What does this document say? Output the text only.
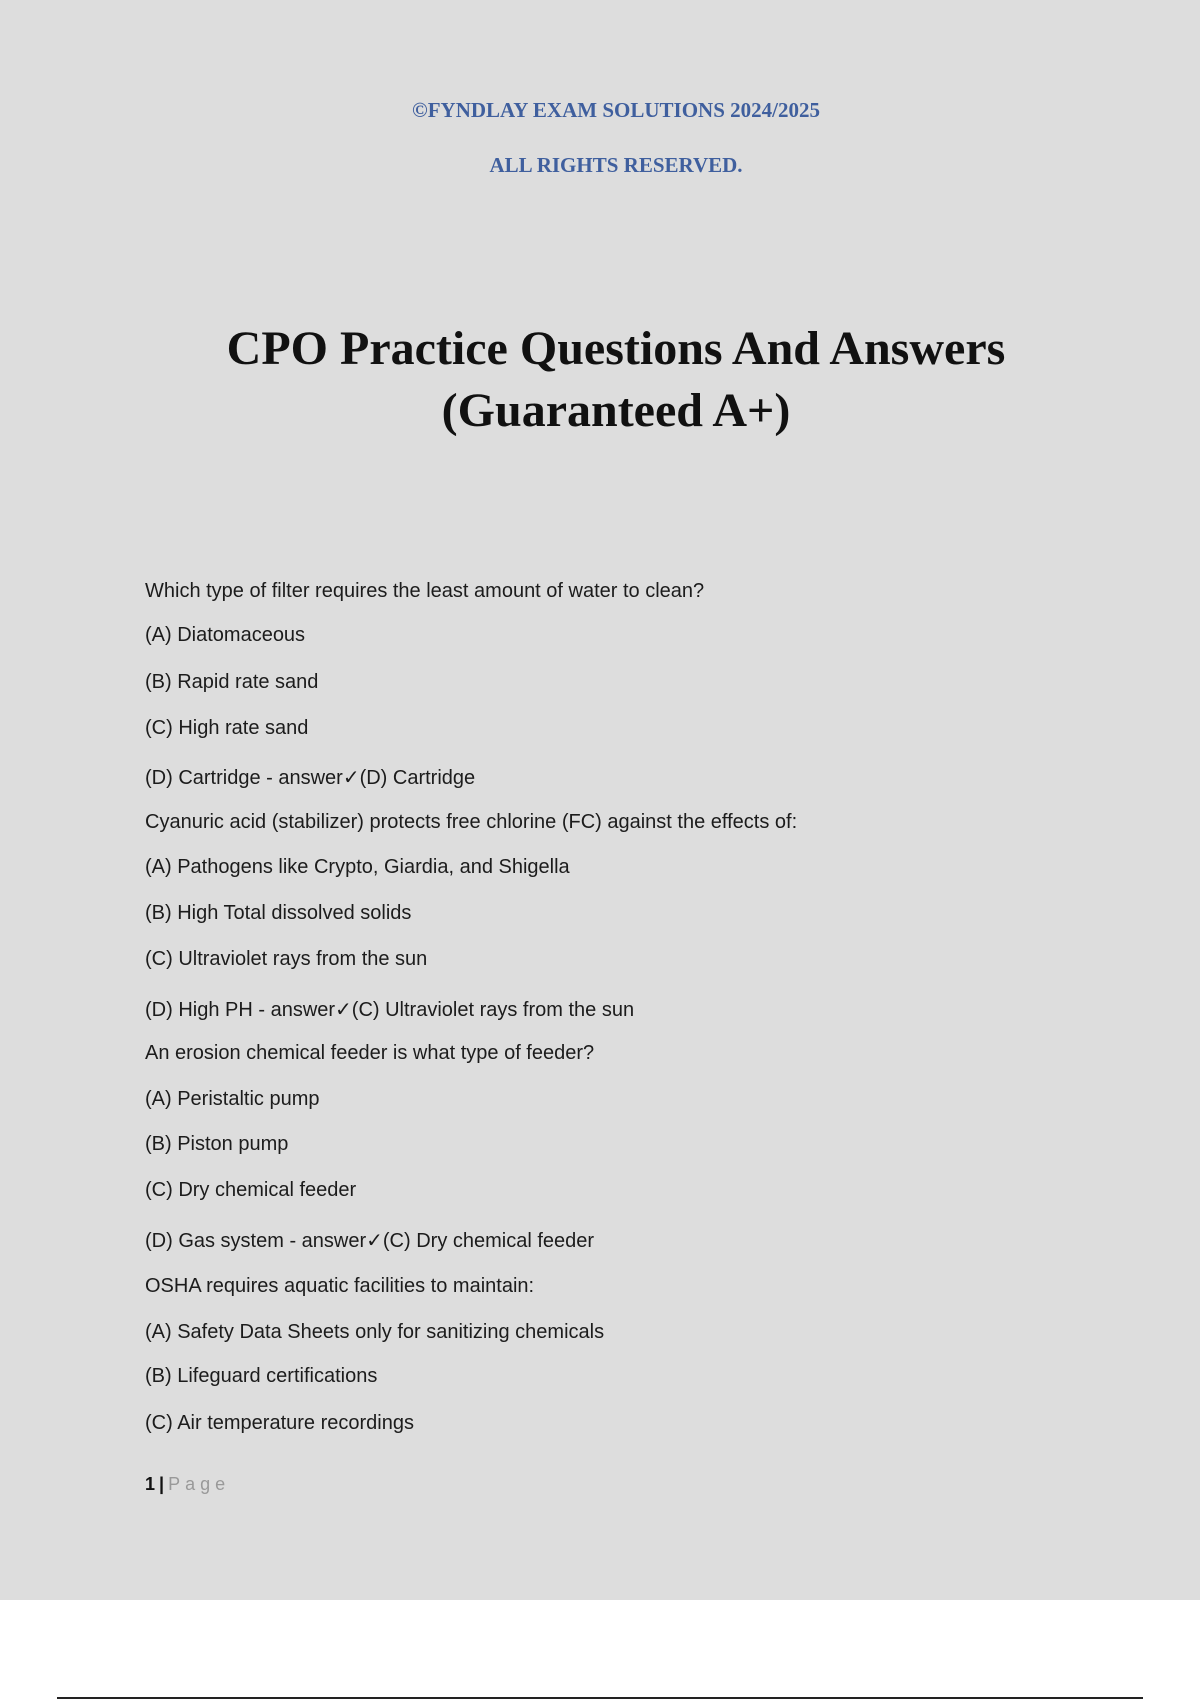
©FYNDLAY EXAM SOLUTIONS 2024/2025
ALL RIGHTS RESERVED.
CPO Practice Questions And Answers
(Guaranteed A+)
Which type of filter requires the least amount of water to clean?
(A) Diatomaceous
(B) Rapid rate sand
(C) High rate sand
(D) Cartridge - answer✓(D) Cartridge
Cyanuric acid (stabilizer) protects free chlorine (FC) against the effects of:
(A) Pathogens like Crypto, Giardia, and Shigella
(B) High Total dissolved solids
(C) Ultraviolet rays from the sun
(D) High PH - answer✓(C) Ultraviolet rays from the sun
An erosion chemical feeder is what type of feeder?
(A) Peristaltic pump
(B) Piston pump
(C) Dry chemical feeder
(D) Gas system - answer✓(C) Dry chemical feeder
OSHA requires aquatic facilities to maintain:
(A) Safety Data Sheets only for sanitizing chemicals
(B) Lifeguard certifications
(C) Air temperature recordings
1 | Page
